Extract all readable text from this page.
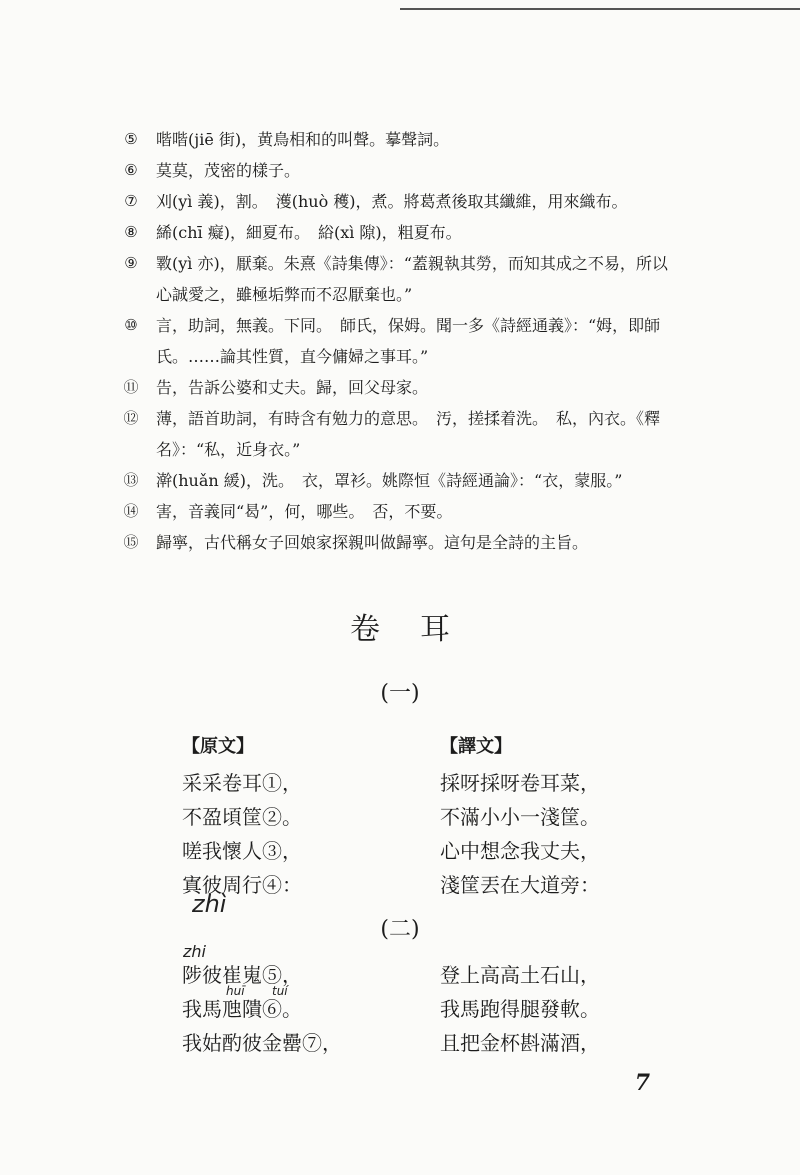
⑤ 喈喈(jiē 街)，黄鳥相和的叫聲。摹聲詞。

⑥ 莫莫，茂密的樣子。

⑦ 刈(yì 義)，割。　濩(huò 穫)，煮。將葛煮後取其纖維，用來織布。

⑧ 絺(chī 癡)，細夏布。　綌(xì 隙)，粗夏布。

⑨ 斁(yì 亦)，厭棄。朱熹《詩集傳》：“蓋親執其勞，而知其成之不易，所以心誠愛之，雖極垢弊而不忍厭棄也。”

⑩ 言，助詞，無義。下同。　師氏，保姆。聞一多《詩經通義》：“姆，即師氏。……論其性質，直今傭婦之事耳。”

⑪ 告，告訴公婆和丈夫。歸，回父母家。

⑫ 薄，語首助詞，有時含有勉力的意思。　汚，搓揉着洗。　私，內衣。《釋名》：“私，近身衣。”

⑬ 澣(huǎn 緩)，洗。　衣，罩衫。姚際恒《詩經通論》：“衣，蒙服。”

⑭ 害，音義同“曷”，何，哪些。　否，不要。

⑮ 歸寧，古代稱女子回娘家探親叫做歸寧。這句是全詩的主旨。

卷耳
(一)
【原文】
采采卷耳①，
不盈頃筐②。
嗟我懷人③，
寘彼周行④：
【譯文】
採呀採呀卷耳菜，
不滿小小一淺筐。
心中想念我丈夫，
淺筐丟在大道旁：
(二)
陟彼崔嵬⑤，
我馬虺隤⑥。
我姑酌彼金罍⑦，
登上高高土石山，
我馬跑得腿發軟。
且把金杯斟滿酒，
zhì
zhi
huī tuí
7
